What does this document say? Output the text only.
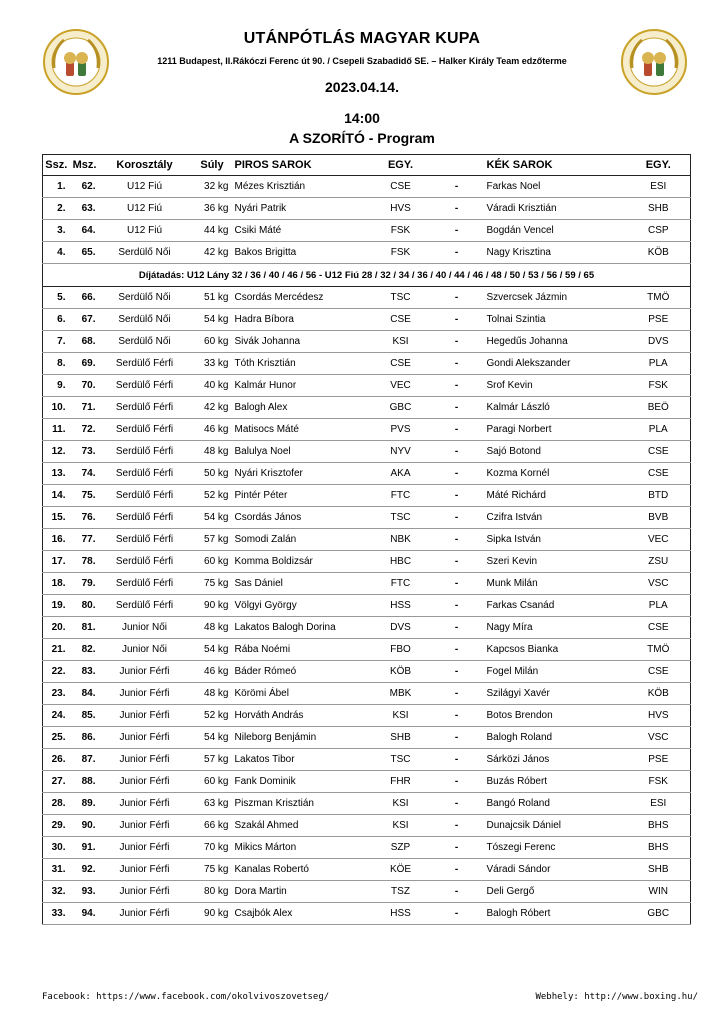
UTÁNPÓTLÁS MAGYAR KUPA
1211 Budapest, II.Rákóczi Ferenc út 90. / Csepeli Szabadidő SE. – Halker Király Team edzőterme
2023.04.14.
14:00
A SZORÍTÓ - Program
Ssz.	Msz.	Korosztály	Súly	PIROS SAROK	EGY.		KÉK SAROK	EGY.
1.	62.	U12 Fiú	32 kg	Mézes Krisztián	CSE	-	Farkas Noel	ESI
2.	63.	U12 Fiú	36 kg	Nyári Patrik	HVS	-	Váradi Krisztián	SHB
3.	64.	U12 Fiú	44 kg	Csiki Máté	FSK	-	Bogdán Vencel	CSP
4.	65.	Serdülő Női	42 kg	Bakos Brigitta	FSK	-	Nagy Krisztina	KÖB
Díjátadás: U12 Lány 32 / 36 / 40 / 46 / 56 - U12 Fiú 28 / 32 / 34 / 36 / 40 / 44 / 46 / 48 / 50 / 53 / 56 / 59 / 65								
5.	66.	Serdülő Női	51 kg	Csordás Mercédesz	TSC	-	Szvercsek Jázmin	TMÖ
6.	67.	Serdülő Női	54 kg	Hadra Bíbora	CSE	-	Tolnai Szintia	PSE
7.	68.	Serdülő Női	60 kg	Sivák Johanna	KSI	-	Hegedűs Johanna	DVS
8.	69.	Serdülő Férfi	33 kg	Tóth Krisztián	CSE	-	Gondi Alekszander	PLA
9.	70.	Serdülő Férfi	40 kg	Kalmár Hunor	VEC	-	Srof Kevin	FSK
10.	71.	Serdülő Férfi	42 kg	Balogh Alex	GBC	-	Kalmár László	BEÖ
11.	72.	Serdülő Férfi	46 kg	Matisocs Máté	PVS	-	Paragi Norbert	PLA
12.	73.	Serdülő Férfi	48 kg	Balulya Noel	NYV	-	Sajó Botond	CSE
13.	74.	Serdülő Férfi	50 kg	Nyári Krisztofer	AKA	-	Kozma Kornél	CSE
14.	75.	Serdülő Férfi	52 kg	Pintér Péter	FTC	-	Máté Richárd	BTD
15.	76.	Serdülő Férfi	54 kg	Csordás János	TSC	-	Czifra István	BVB
16.	77.	Serdülő Férfi	57 kg	Somodi Zalán	NBK	-	Sipka István	VEC
17.	78.	Serdülő Férfi	60 kg	Komma Boldizsár	HBC	-	Szeri Kevin	ZSU
18.	79.	Serdülő Férfi	75 kg	Sas Dániel	FTC	-	Munk Milán	VSC
19.	80.	Serdülő Férfi	90 kg	Völgyi György	HSS	-	Farkas Csanád	PLA
20.	81.	Junior Női	48 kg	Lakatos Balogh Dorina	DVS	-	Nagy Míra	CSE
21.	82.	Junior Női	54 kg	Rába Noémi	FBO	-	Kapcsos Bianka	TMÖ
22.	83.	Junior Férfi	46 kg	Báder Rómeó	KÖB	-	Fogel Milán	CSE
23.	84.	Junior Férfi	48 kg	Körömi Ábel	MBK	-	Szilágyi Xavér	KÖB
24.	85.	Junior Férfi	52 kg	Horváth András	KSI	-	Botos Brendon	HVS
25.	86.	Junior Férfi	54 kg	Nileborg Benjámin	SHB	-	Balogh Roland	VSC
26.	87.	Junior Férfi	57 kg	Lakatos Tibor	TSC	-	Sárközi János	PSE
27.	88.	Junior Férfi	60 kg	Fank Dominik	FHR	-	Buzás Róbert	FSK
28.	89.	Junior Férfi	63 kg	Piszman Krisztián	KSI	-	Bangó Roland	ESI
29.	90.	Junior Férfi	66 kg	Szakál Ahmed	KSI	-	Dunajcsik Dániel	BHS
30.	91.	Junior Férfi	70 kg	Mikics Márton	SZP	-	Tószegi Ferenc	BHS
31.	92.	Junior Férfi	75 kg	Kanalas Robertó	KÖE	-	Váradi Sándor	SHB
32.	93.	Junior Férfi	80 kg	Dora Martin	TSZ	-	Deli Gergő	WIN
33.	94.	Junior Férfi	90 kg	Csajbók Alex	HSS	-	Balogh Róbert	GBC
Facebook: https://www.facebook.com/okolvivoszovetseg/	Webhely: http://www.boxing.hu/
